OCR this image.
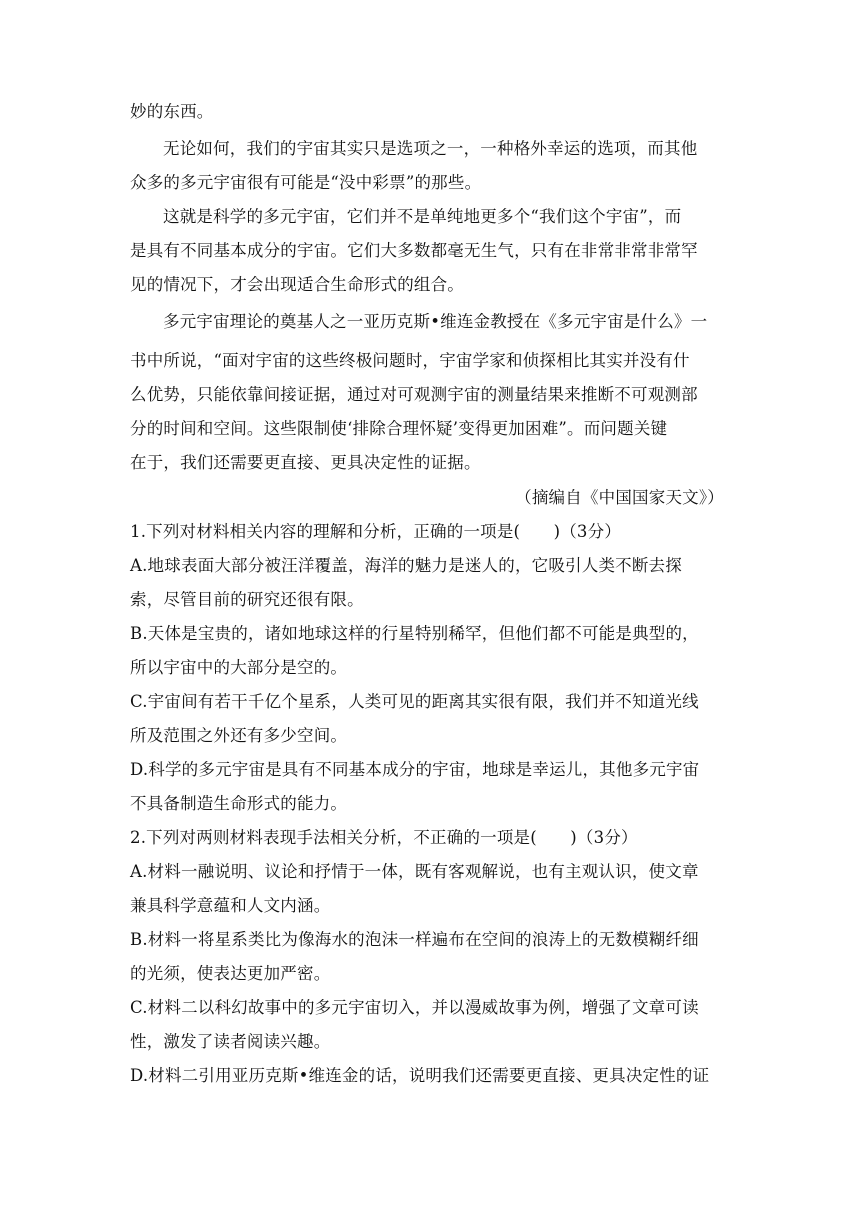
妙的东西。
无论如何，我们的宇宙其实只是选项之一，一种格外幸运的选项，而其他
众多的多元宇宙很有可能是“没中彩票”的那些。
这就是科学的多元宇宙，它们并不是单纯地更多个“我们这个宇宙”，而
是具有不同基本成分的宇宙。它们大多数都毫无生气，只有在非常非常非常罕
见的情况下，才会出现适合生命形式的组合。
多元宇宙理论的奠基人之一亚历克斯•维连金教授在《多元宇宙是什么》一
书中所说，“面对宇宙的这些终极问题时，宇宙学家和侦探相比其实并没有什
么优势，只能依靠间接证据，通过对可观测宇宙的测量结果来推断不可观测部
分的时间和空间。这些限制使‘排除合理怀疑’变得更加困难”。而问题关键
在于，我们还需要更直接、更具决定性的证据。
（摘编自《中国国家天文》）
1.下列对材料相关内容的理解和分析，正确的一项是(　　)（3分）
A.地球表面大部分被汪洋覆盖，海洋的魅力是迷人的，它吸引人类不断去探
索，尽管目前的研究还很有限。
B.天体是宝贵的，诸如地球这样的行星特别稀罕，但他们都不可能是典型的，
所以宇宙中的大部分是空的。
C.宇宙间有若干千亿个星系，人类可见的距离其实很有限，我们并不知道光线
所及范围之外还有多少空间。
D.科学的多元宇宙是具有不同基本成分的宇宙，地球是幸运儿，其他多元宇宙
不具备制造生命形式的能力。
2.下列对两则材料表现手法相关分析，不正确的一项是(　　)（3分）
A.材料一融说明、议论和抒情于一体，既有客观解说，也有主观认识，使文章
兼具科学意蕴和人文内涵。
B.材料一将星系类比为像海水的泡沫一样遍布在空间的浪涛上的无数模糊纤细
的光须，使表达更加严密。
C.材料二以科幻故事中的多元宇宙切入，并以漫威故事为例，增强了文章可读
性，激发了读者阅读兴趣。
D.材料二引用亚历克斯•维连金的话，说明我们还需要更直接、更具决定性的证
